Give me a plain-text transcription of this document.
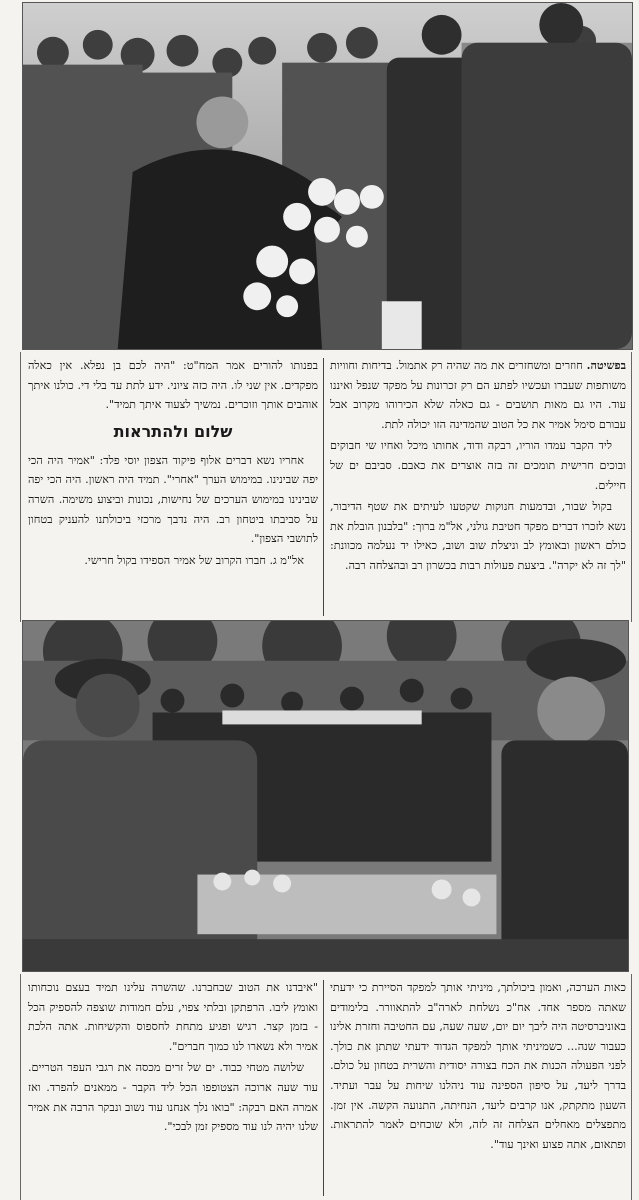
בפשיטה. חוזרים ומשחזרים את מה שהיה רק אתמול. בדיחות וחוויות משותפות שעברו ועכשיו לפתע הם רק זכרונות על מפקד שנפל ואיננו עוד. היו גם מאות תושבים - גם כאלה שלא הכירוהו מקרוב אבל עבורם סימל אמיר את כל הטוב שהמדינה הזו יכולה לתת.

ליד הקבר עמדו הוריו, רבקה ודוד, אחותו מיכל ואחיו שי חבוקים ובוכים חרישית תומכים זה בזה אוצרים את כאבם. סביבם ים של חיילים.

בקול שבור, ובדמעות חנוקות שקטעו לעיתים את שטף הדיבור, נשא לזכרו דברים מפקד חטיבת גולני, אל"מ ברוך: "בלבנון הובלת את כולם ראשון ובאומץ לב וניצלת שוב ושוב, כאילו יד נעלמה מכוונת: "לך זה לא יקרה". ביצעת פעולות רבות בכשרון רב ובהצלחה רבה.

בפנותו להורים אמר המח"ט: "היה לכם בן נפלא. אין כאלה מפקדים. אין שני לו. היה כזה ציוני. ידע לתת עד בלי די. כולנו איתך אוהבים אותך וזוכרים. נמשיך לצעוד איתך תמיד".

שלום ולהתראות

אחריו נשא דברים אלוף פיקוד הצפון יוסי פלד: "אמיר היה הכי יפה שבינינו. במימוש הערך "אחרי". תמיד היה ראשון. היה הכי יפה שבינינו במימוש הערכים של נחישות, נכונות וביצוע משימה. השרה על סביבתו ביטחון רב. היה נדבך מרכזי ביכולתנו להעניק בטחון לתושבי הצפון".

אל"מ ג. חברו הקרוב של אמיר הספידו בקול חרישי.

כאות הערכה, ואמון ביכולתך, מיניתי אותך למפקד הסיירת כי ידעתי שאתה מספר אחד. אח"כ נשלחת לארה"ב להתאוורר. בלימודים באוניברסיטה היה ליבך יום יום, שעה שעה, עם החטיבה וחזרת אלינו כעבור שנה... כשמיניתי אותך למפקד הגדוד ידעתי שתתן את כולך. לפני הפעולה הכנות את הכח בצורה יסודית והשרית בטחון על כולם. בדרך ליעד, על סיפון הספינה עוד ניהלנו שיחות על עבר ועתיד. השעון מתקתק, אנו קרבים ליעד, הנחיתה, התנועה הקשה. אין זמן. מתפצלים מאחלים הצלחה זה לזה, ולא שוכחים לאמר להתראות. ופתאום, אתה פצוע ואינך עוד".

"איבדנו את הטוב שבחברנו. שהשרה עלינו תמיד בעצם נוכחותו ואומץ ליבו. הרפתקן ובלתי צפוי, עלם חמודות שוצפה להספיק הכל - בזמן קצר. רגיש ופגיע מתחת לחספוס והקשיחות. אתה הלכת אמיר ולא נשארו לנו כמוך חברים".

שלושה מטחי כבוד. ים של זרים מכסה את רגבי העפר הטריים. עוד שעה ארוכה הצטופפו הכל ליד הקבר - ממאנים להפרד. ואז אמרה האם רבקה: "בואו נלך אנחנו עוד נשוב ונבקר הרבה את אמיר שלנו יהיה לנו עוד מספיק זמן לבכי".
